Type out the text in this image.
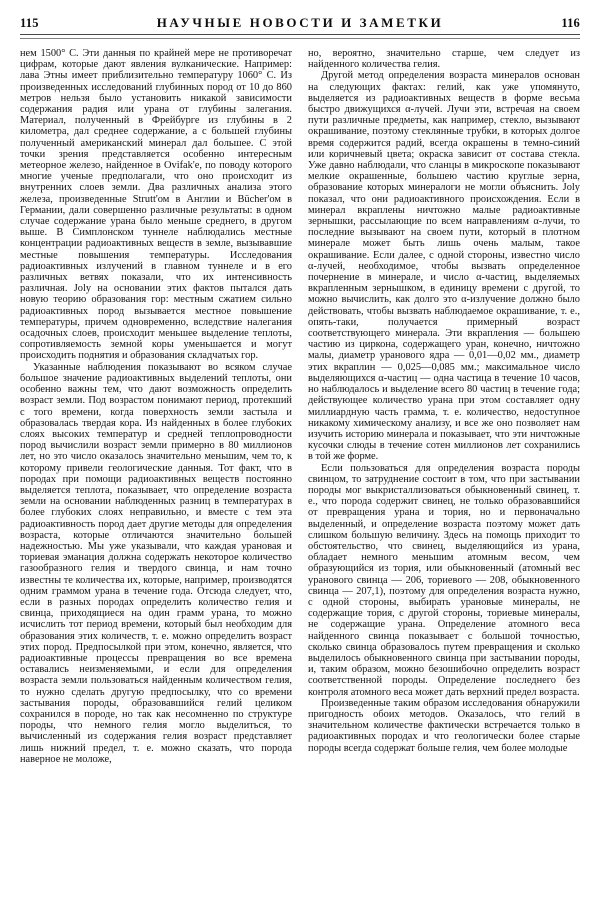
115	НАУЧНЫЕ НОВОСТИ И ЗАМЕТКИ	116

нем 1500° С. Эти данныя по крайней мере не противоречат цифрам, которые дают явления вулканические. Например: лава Этны имеет приблизительно температуру 1060° С. Из произведенных исследований глубинных пород от 10 до 860 метров нельзя было установить никакой зависимости содержания радия или урана от глубины залегания. Материал, полученный в Фрейбурге из глубины в 2 километра, дал среднее содержание, а с большей глубины полученный американский минерал дал большее. С этой точки зрения представляется особенно интересным метеорное железо, найденное в Ovifak'e, по поводу которого многие ученые предполагали, что оно происходит из внутренних слоев земли. Два различных анализа этого железа, произведенные Strutt'ом в Англии и Bücher'ом в Германии, дали совершенно различные результаты: в одном случае содержание урана было меньше среднего, в другом выше. В Симплонском туннеле наблюдались местные концентрации радиоактивных веществ в земле, вызывавшие местные повышения температуры. Исследования радиоактивных излучений в главном туннеле и в его различных ветвях показали, что их интенсивность различная. Joly на основании этих фактов пытался дать новую теорию образования гор: местным сжатием сильно радиоактивных пород вызывается местное повышение температуры, причем одновременно, вследствие налегания осадочных слоев, происходит меньшее выделение теплоты, сопротивляемость земной коры уменьшается и могут происходить поднятия и образования складчатых гор.

Указанные наблюдения показывают во всяком случае большое значение радиоактивных выделений теплоты, они особенно важны тем, что дают возможность определить возраст земли. Под возрастом понимают период, протекший с того времени, когда поверхность земли застыла и образовалась твердая кора. Из найденных в более глубоких слоях высоких температур и средней теплопроводности пород вычислили возраст земли примерно в 80 миллионов лет, но это число оказалось значительно меньшим, чем то, к которому привели геологические данныя. Тот факт, что в породах при помощи радиоактивных веществ постоянно выделяется теплота, показывает, что определение возраста земли на основании наблюденных разниц в температурах в более глубоких слоях неправильно, и вместе с тем эта радиоактивность пород дает другие методы для определения возраста, которые отличаются значительно большей надежностью. Мы уже указывали, что каждая урановая и ториевая эманация должна содержать некоторое количество газообразного гелия и твердого свинца, и нам точно известны те количества их, которые, например, производятся одним граммом урана в течение года. Отсюда следует, что, если в разных породах определить количество гелия и свинца, приходящиеся на один грамм урана, то можно исчислить тот период времени, который был необходим для образования этих количеств, т. е. можно определить возраст этих пород. Предпосылкой при этом, конечно, является, что радиоактивные процессы превращения во все времена оставались неизменяемыми, и если для определения возраста земли пользоваться найденным количеством гелия, то нужно сделать другую предпосылку, что со времени застывания породы, образовавшийся гелий целиком сохранился в породе, но так как несомненно по структуре породы, что немного гелия могло выделиться, то вычисленный из содержания гелия возраст представляет лишь нижний предел, т. е. можно сказать, что порода наверное не моложе,

но, вероятно, значительно старше, чем следует из найденного количества гелия.

Другой метод определения возраста минералов основан на следующих фактах: гелий, как уже упомянуто, выделяется из радиоактивных веществ в форме весьма быстро движущихся α-лучей. Лучи эти, встречая на своем пути различные предметы, как например, стекло, вызывают окрашивание, поэтому стеклянные трубки, в которых долгое время содержится радий, всегда окрашены в темно-синий или коричневый цвета; окраска зависит от состава стекла. Уже давно наблюдали, что сланцы в микроскопе показывают мелкие окрашенные, большею частию круглые зерна, образование которых минералоги не могли объяснить. Joly показал, что они радиоактивного происхождения. Если в минерал вкраплены ничтожно малые радиоактивные зернышки, рассылающие по всем направлениям α-лучи, то последние вызывают на своем пути, который в плотном минерале может быть лишь очень малым, такое окрашивание. Если далее, с одной стороны, известно число α-лучей, необходимое, чтобы вызвать определенное почернение в минерале, и число α-частиц, выделяемых вкрапленным зернышком, в единицу времени с другой, то можно вычислить, как долго это α-излучение должно было действовать, чтобы вызвать наблюдаемое окрашивание, т. е., опять-таки, получается примерный возраст соответствующего минерала. Эти вкрапления — большею частию из циркона, содержащего уран, конечно, ничтожно малы, диаметр уранового ядра — 0,01—0,02 мм., диаметр этих вкраплин — 0,025—0,085 мм.; максимальное число выделяющихся α-частиц — одна частица в течение 10 часов, но наблюдалось и выделение всего 80 частиц в течение года; действующее количество урана при этом составляет одну миллиардную часть грамма, т. е. количество, недоступное никакому химическому анализу, и все же оно позволяет нам изучить историю минерала и показывает, что эти ничтожные кусочки слюды в течение сотен миллионов лет сохранились в той же форме.

Если пользоваться для определения возраста породы свинцом, то затруднение состоит в том, что при застывании породы мог выкристаллизоваться обыкновенный свинец, т. е., что порода содержит свинец, не только образовавшийся от превращения урана и тория, но и первоначально выделенный, и определение возраста поэтому может дать слишком большую величину. Здесь на помощь приходит то обстоятельство, что свинец, выделяющийся из урана, обладает немного меньшим атомным весом, чем образующийся из тория, или обыкновенный (атомный вес уранового свинца — 206, ториевого — 208, обыкновенного свинца — 207,1), поэтому для определения возраста нужно, с одной стороны, выбирать урановые минералы, не содержащие тория, с другой стороны, ториевые минералы, не содержащие урана. Определение атомного веса найденного свинца показывает с большой точностью, сколько свинца образовалось путем превращения и сколько выделилось обыкновенного свинца при застывании породы, и, таким образом, можно безошибочно определить возраст соответственной породы. Определение последнего без контроля атомного веса может дать верхний предел возраста.

Произведенные таким образом исследования обнаружили пригодность обоих методов. Оказалось, что гелий в значительном количестве фактически встречается только в радиоактивных породах и что геологически более старые породы всегда содержат больше гелия, чем более молодые
